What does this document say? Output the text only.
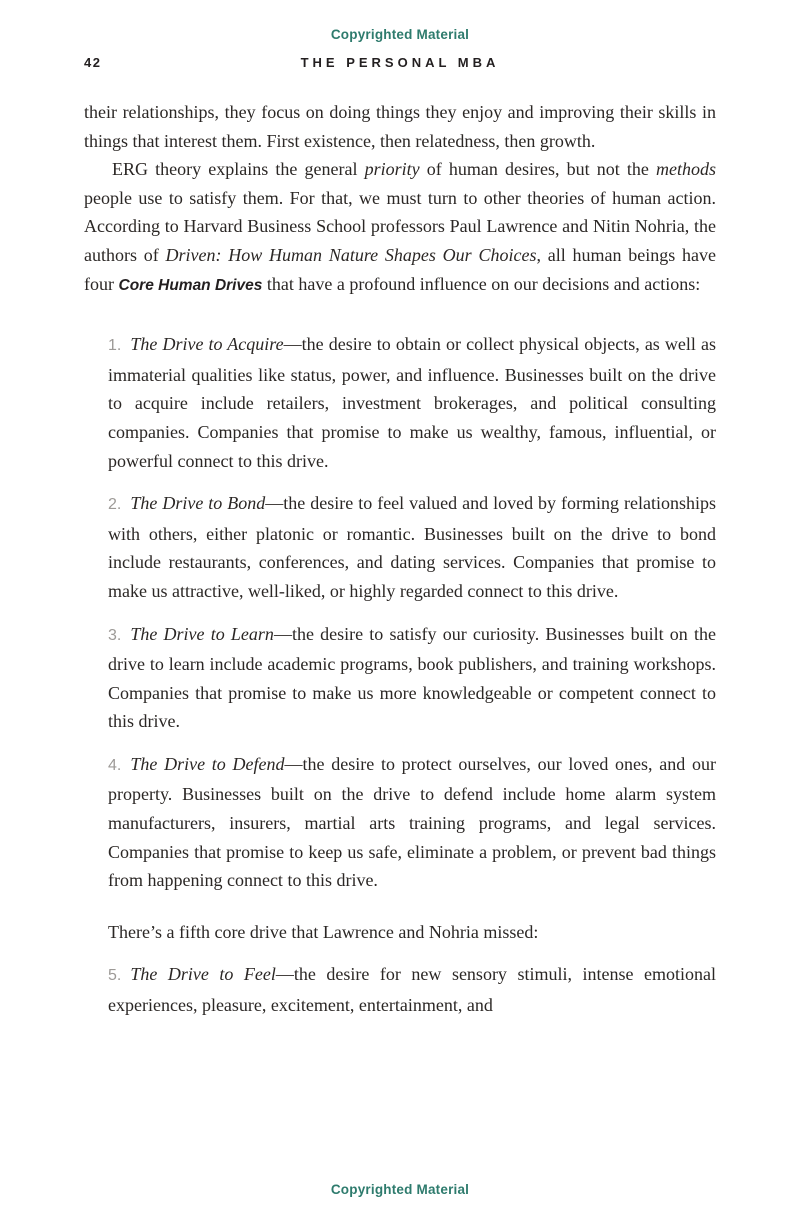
Copyrighted Material
42	THE PERSONAL MBA

their relationships, they focus on doing things they enjoy and improving their skills in things that interest them. First existence, then relatedness, then growth.

ERG theory explains the general priority of human desires, but not the methods people use to satisfy them. For that, we must turn to other theories of human action. According to Harvard Business School professors Paul Lawrence and Nitin Nohria, the authors of Driven: How Human Nature Shapes Our Choices, all human beings have four Core Human Drives that have a profound influence on our decisions and actions:

1. The Drive to Acquire—the desire to obtain or collect physical objects, as well as immaterial qualities like status, power, and influence. Businesses built on the drive to acquire include retailers, investment brokerages, and political consulting companies. Companies that promise to make us wealthy, famous, influential, or powerful connect to this drive.

2. The Drive to Bond—the desire to feel valued and loved by forming relationships with others, either platonic or romantic. Businesses built on the drive to bond include restaurants, conferences, and dating services. Companies that promise to make us attractive, well-liked, or highly regarded connect to this drive.

3. The Drive to Learn—the desire to satisfy our curiosity. Businesses built on the drive to learn include academic programs, book publishers, and training workshops. Companies that promise to make us more knowledgeable or competent connect to this drive.

4. The Drive to Defend—the desire to protect ourselves, our loved ones, and our property. Businesses built on the drive to defend include home alarm system manufacturers, insurers, martial arts training programs, and legal services. Companies that promise to keep us safe, eliminate a problem, or prevent bad things from happening connect to this drive.

There’s a fifth core drive that Lawrence and Nohria missed:

5. The Drive to Feel—the desire for new sensory stimuli, intense emotional experiences, pleasure, excitement, entertainment, and

Copyrighted Material
